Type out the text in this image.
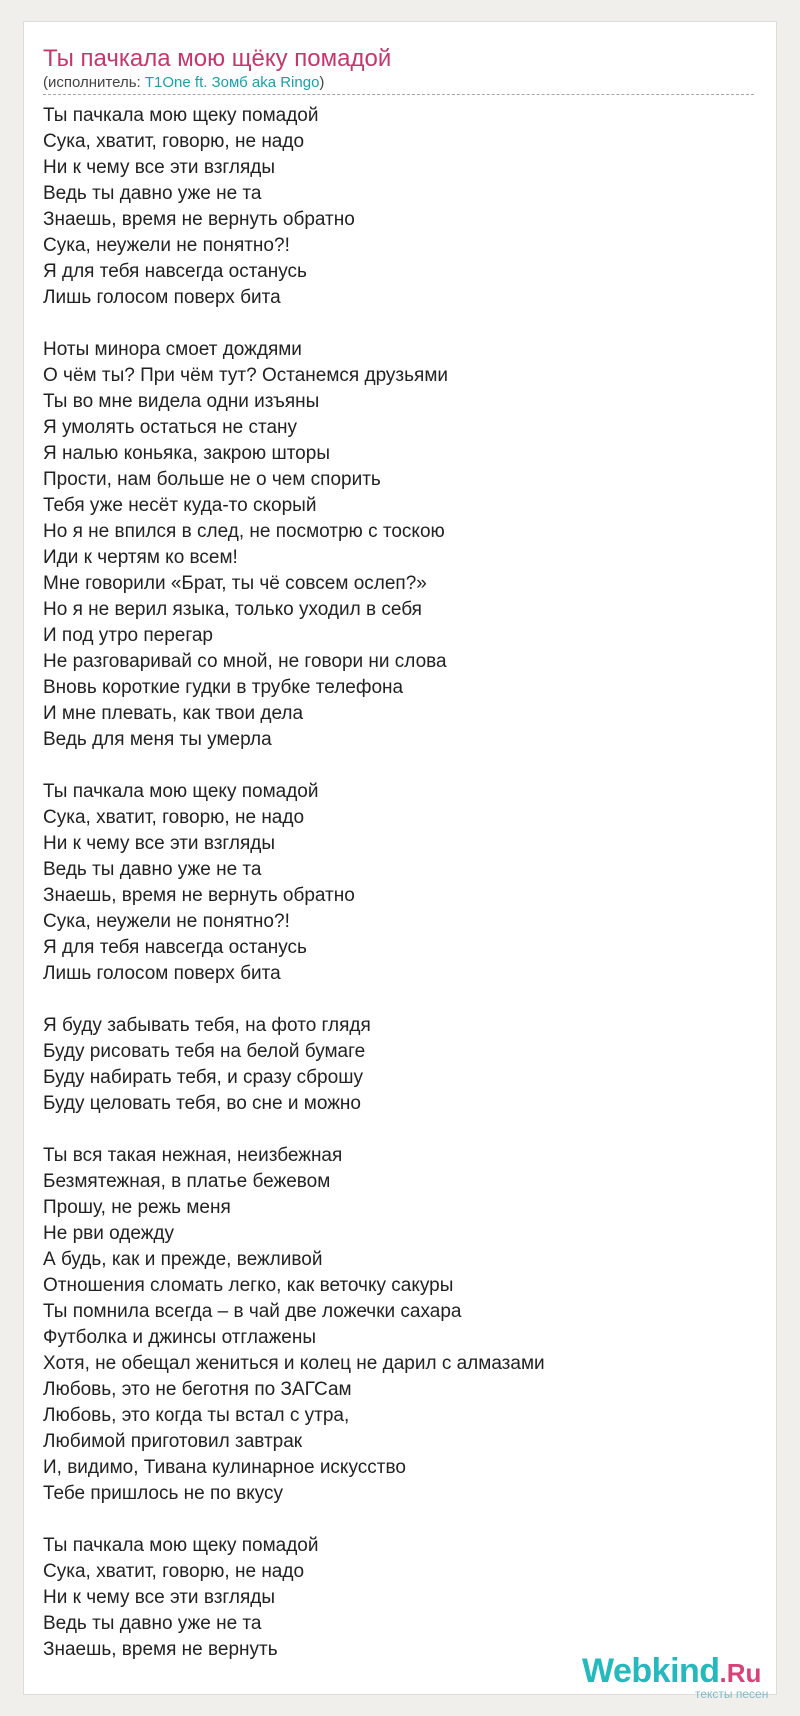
Ты пачкала мою щёку помадой
(исполнитель: T1One ft. Зомб aka Ringo)
Ты пачкала мою щеку помадой
Сука, хватит, говорю, не надо
Ни к чему все эти взгляды
Ведь ты давно уже не та
Знаешь, время не вернуть обратно
Сука, неужели не понятно?!
Я для тебя навсегда останусь
Лишь голосом поверх бита
Ноты минора смоет дождями
О чём ты? При чём тут? Останемся друзьями
Ты во мне видела одни изъяны
Я умолять остаться не стану
Я налью коньяка, закрою шторы
Прости, нам больше не о чем спорить
Тебя уже несёт куда-то скорый
Но я не впился в след, не посмотрю с тоскою
Иди к чертям ко всем!
Мне говорили «Брат, ты чё совсем ослеп?»
Но я не верил языка, только уходил в себя
И под утро перегар
Не разговаривай со мной, не говори ни слова
Вновь короткие гудки в трубке телефона
И мне плевать, как твои дела
Ведь для меня ты умерла
Ты пачкала мою щеку помадой
Сука, хватит, говорю, не надо
Ни к чему все эти взгляды
Ведь ты давно уже не та
Знаешь, время не вернуть обратно
Сука, неужели не понятно?!
Я для тебя навсегда останусь
Лишь голосом поверх бита
Я буду забывать тебя, на фото глядя
Буду рисовать тебя на белой бумаге
Буду набирать тебя, и сразу сброшу
Буду целовать тебя, во сне и можно
Ты вся такая нежная, неизбежная
Безмятежная, в платье бежевом
Прошу, не режь меня
Не рви одежду
А будь, как и прежде, вежливой
Отношения сломать легко, как веточку сакуры
Ты помнила всегда – в чай две ложечки сахара
Футболка и джинсы отглажены
Хотя, не обещал жениться и колец не дарил с алмазами
Любовь, это не беготня по ЗАГСам
Любовь, это когда ты встал с утра,
Любимой приготовил завтрак
И, видимо, Тивана кулинарное искусство
Тебе пришлось не по вкусу
Ты пачкала мою щеку помадой
Сука, хватит, говорю, не надо
Ни к чему все эти взгляды
Ведь ты давно уже не та
Знаешь, время не вернуть
Webkind.Ru
тексты песен
